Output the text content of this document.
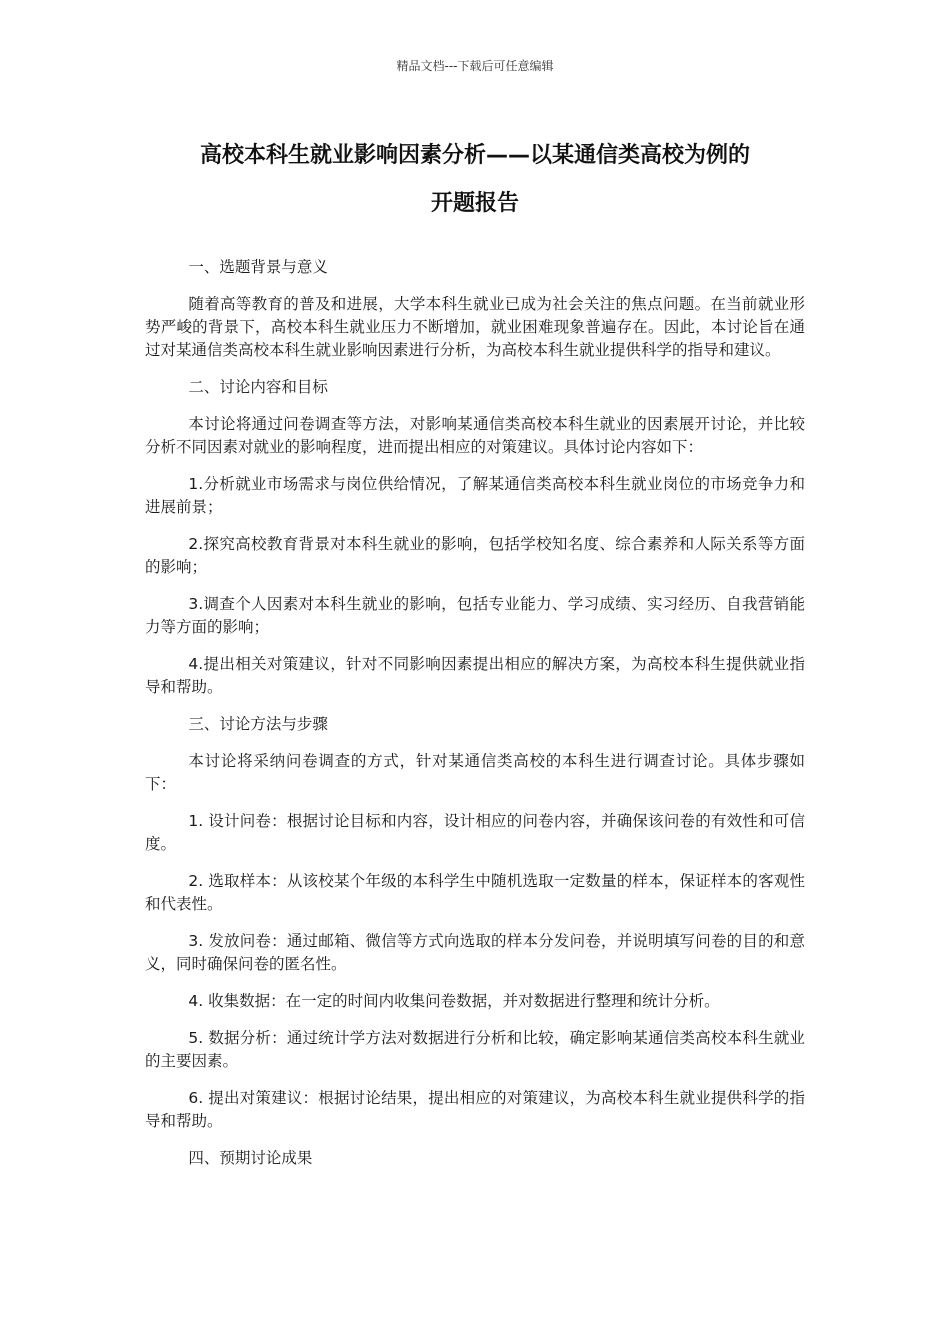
精品文档---下载后可任意编辑
高校本科生就业影响因素分析——以某通信类高校为例的
开题报告

一、选题背景与意义

随着高等教育的普及和进展，大学本科生就业已成为社会关注的焦点问题。在当前就业形势严峻的背景下，高校本科生就业压力不断增加，就业困难现象普遍存在。因此，本讨论旨在通过对某通信类高校本科生就业影响因素进行分析，为高校本科生就业提供科学的指导和建议。

二、讨论内容和目标

本讨论将通过问卷调查等方法，对影响某通信类高校本科生就业的因素展开讨论，并比较分析不同因素对就业的影响程度，进而提出相应的对策建议。具体讨论内容如下：

1.分析就业市场需求与岗位供给情况，了解某通信类高校本科生就业岗位的市场竞争力和进展前景；

2.探究高校教育背景对本科生就业的影响，包括学校知名度、综合素养和人际关系等方面的影响；

3.调查个人因素对本科生就业的影响，包括专业能力、学习成绩、实习经历、自我营销能力等方面的影响；

4.提出相关对策建议，针对不同影响因素提出相应的解决方案，为高校本科生提供就业指导和帮助。

三、讨论方法与步骤

本讨论将采纳问卷调查的方式，针对某通信类高校的本科生进行调查讨论。具体步骤如下：

1. 设计问卷：根据讨论目标和内容，设计相应的问卷内容，并确保该问卷的有效性和可信度。

2. 选取样本：从该校某个年级的本科学生中随机选取一定数量的样本，保证样本的客观性和代表性。

3. 发放问卷：通过邮箱、微信等方式向选取的样本分发问卷，并说明填写问卷的目的和意义，同时确保问卷的匿名性。

4. 收集数据：在一定的时间内收集问卷数据，并对数据进行整理和统计分析。

5. 数据分析：通过统计学方法对数据进行分析和比较，确定影响某通信类高校本科生就业的主要因素。

6. 提出对策建议：根据讨论结果，提出相应的对策建议，为高校本科生就业提供科学的指导和帮助。

四、预期讨论成果
